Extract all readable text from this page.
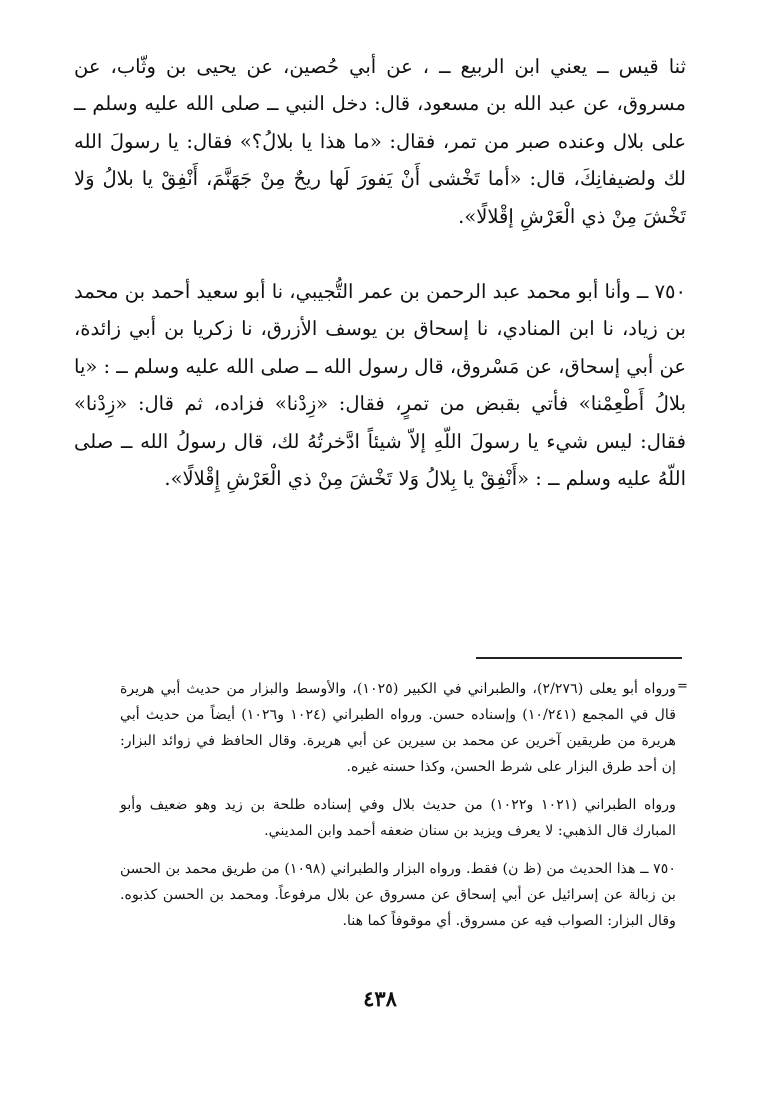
ثنا قيس ــ يعني ابن الربيع ــ ، عن أبي حُصين، عن يحيى بن وثّاب، عن مسروق، عن عبد الله بن مسعود، قال: دخل النبي ــ صلى الله عليه وسلم ــ على بلال وعنده صبر من تمر، فقال: «ما هذا يا بلالُ؟» فقال: يا رسولَ الله لك ولضيفانِكَ، قال: «أما تَخْشى أَنْ يَفورَ لَها ريحٌ مِنْ جَهَنَّمَ، أَنْفِقْ يا بلالُ وَلا تَخْشَ مِنْ ذي الْعَرْشِ إقْلالًا».

٧٥٠ ــ وأنا أبو محمد عبد الرحمن بن عمر التُّجيبي، نا أبو سعيد أحمد بن محمد بن زياد، نا ابن المنادي، نا إسحاق بن يوسف الأزرق، نا زكريا بن أبي زائدة، عن أبي إسحاق، عن مَسْروق، قال رسول الله ــ صلى الله عليه وسلم ــ : «يا بلالُ أَطْعِمْنا» فأتي بقبض من تمرٍ، فقال: «زِدْنا» فزاده، ثم قال: «زِدْنا» فقال: ليس شيء يا رسولَ اللّهِ إلاّ شيئاً ادَّخرتُهُ لك، قال رسولُ الله ــ صلى اللّهُ عليه وسلم ــ : «أَنْفِقْ يا بِلالُ وَلا تَخْشَ مِنْ ذي الْعَرْشِ إِقْلالًا».

=

ورواه أبو يعلى (٢/٢٧٦)، والطبراني في الكبير (١٠٢٥)، والأوسط والبزار من حديث أبي هريرة قال في المجمع (١٠/٢٤١) وإسناده حسن. ورواه الطبراني (١٠٢٤ و١٠٢٦) أيضاً من حديث أبي هريرة من طريقين آخرين عن محمد بن سيرين عن أبي هريرة. وقال الحافظ في زوائد البزار: إن أحد طرق البزار على شرط الحسن، وكذا حسنه غيره.

ورواه الطبراني (١٠٢١ و١٠٢٢) من حديث بلال وفي إسناده طلحة بن زيد وهو ضعيف وأبو المبارك قال الذهبي: لا يعرف ويزيد بن سنان ضعفه أحمد وابن المديني.

٧٥٠ ــ هذا الحديث من (ظ ن) فقط. ورواه البزار والطبراني (١٠٩٨) من طريق محمد بن الحسن بن زبالة عن إسرائيل عن أبي إسحاق عن مسروق عن بلال مرفوعاً. ومحمد بن الحسن كذبوه. وقال البزار: الصواب فيه عن مسروق. أي موقوفاً كما هنا.

٤٣٨
